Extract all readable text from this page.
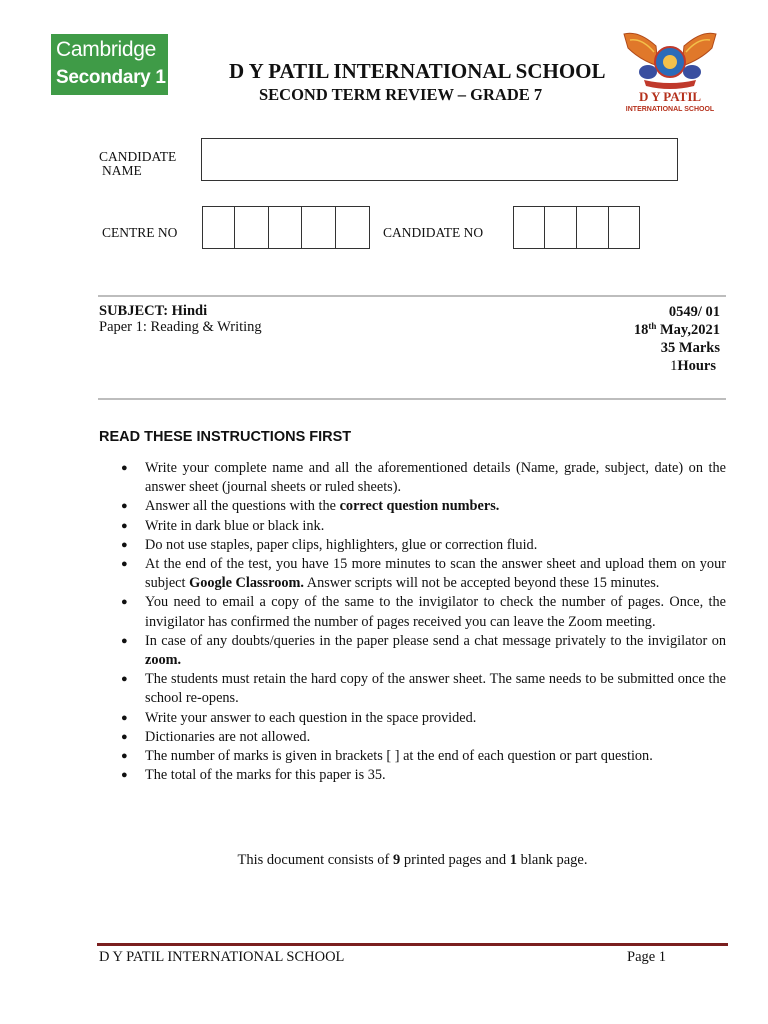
Cambridge
Secondary 1	D Y PATIL INTERNATIONAL SCHOOL
SECOND TERM REVIEW – GRADE 7	D Y PATIL
INTERNATIONAL SCHOOL
CANDIDATE
NAME
CENTRE NO	CANDIDATE NO
SUBJECT: Hindi
Paper 1: Reading & Writing
0549/ 01
18th May,2021
35 Marks
1Hours
READ THESE INSTRUCTIONS FIRST
● Write your complete name and all the aforementioned details (Name, grade, subject, date) on the answer sheet (journal sheets or ruled sheets).
● Answer all the questions with the correct question numbers.
● Write in dark blue or black ink.
● Do not use staples, paper clips, highlighters, glue or correction fluid.
● At the end of the test, you have 15 more minutes to scan the answer sheet and upload them on your subject Google Classroom. Answer scripts will not be accepted beyond these 15 minutes.
● You need to email a copy of the same to the invigilator to check the number of pages. Once, the invigilator has confirmed the number of pages received you can leave the Zoom meeting.
● In case of any doubts/queries in the paper please send a chat message privately to the invigilator on zoom.
● The students must retain the hard copy of the answer sheet. The same needs to be submitted once the school re-opens.
● Write your answer to each question in the space provided.
● Dictionaries are not allowed.
● The number of marks is given in brackets [ ] at the end of each question or part question.
● The total of the marks for this paper is 35.
This document consists of 9 printed pages and 1 blank page.
D Y PATIL INTERNATIONAL SCHOOL	Page 1
